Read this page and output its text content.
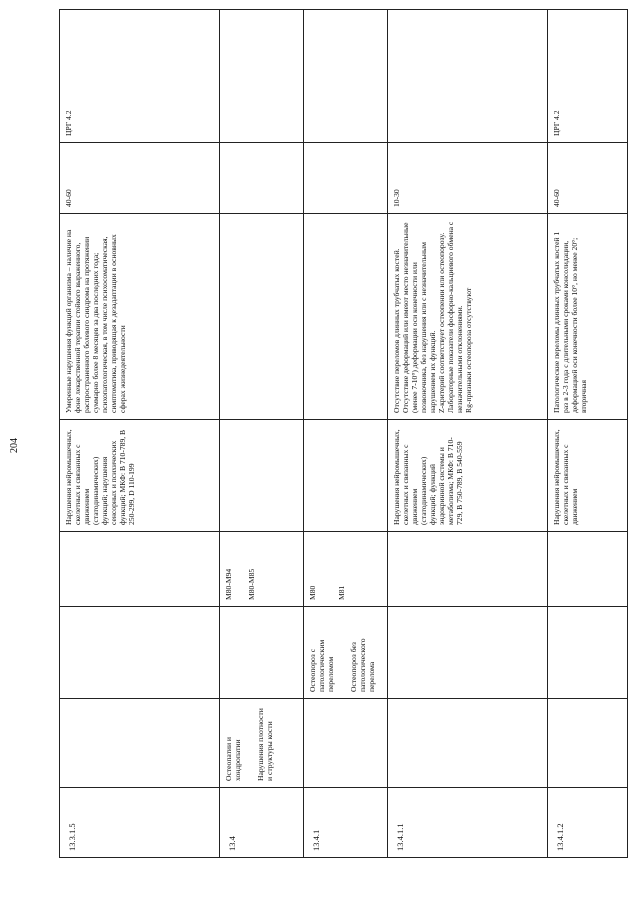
204
13.3.1.5				Нарушения нейромышечных, скелетных и связанных с движением (статодинамических) функций; нарушения сенсорных и психических функций; МКФ: В 710-789, В 250-299, D 110-199	Умеренные нарушения функций организма – наличие на фоне лекарственной терапии стойкого выраженного, распространенного болевого синдрома на протяжении суммарно более 8 месяцев за два последних года; психопатологическая, в том числе психосоматическая, симптоматика, приводящая к дезадаптации в основных сферах жизнедеятельности	40-60	ЦРГ 4.2
13.4	Остеопатии и хондропатии Нарушения плотности и структуры кости		M80-M94 M80-M85				

13.4.1		Остеопороз с патологическим переломом Остеопороз без патологического перелома	M80 M81				

13.4.1.1				Нарушения нейромышечных, скелетных и связанных с движением (статодинамических) функций; функций эндокринной системы и метаболизма; МКФ: В 710-729, В 750-789, В 540-559	Отсутствие переломов длинных трубчатых костей. Отсутствие деформаций или имеют место незначительные (менее 7-10°) деформации оси конечности или позвоночника, без нарушения или с незначительным нарушением их функций. Z-критерий соответствует остеопении или остеопорозу. Лабораторные показатели фосфорно-кальциевого обмена с незначительными отклонениями. Rg-признаки остеопороза отсутствуют	10-30	
13.4.1.2				Нарушения нейромышечных, скелетных и связанных с движением	Патологические переломы длинных трубчатых костей 1 раз в 2-3 года с длительными сроками консолидации, деформацией оси конечности более 10°, но менее 20°; вторичная	40-60	ЦРГ 4.2
